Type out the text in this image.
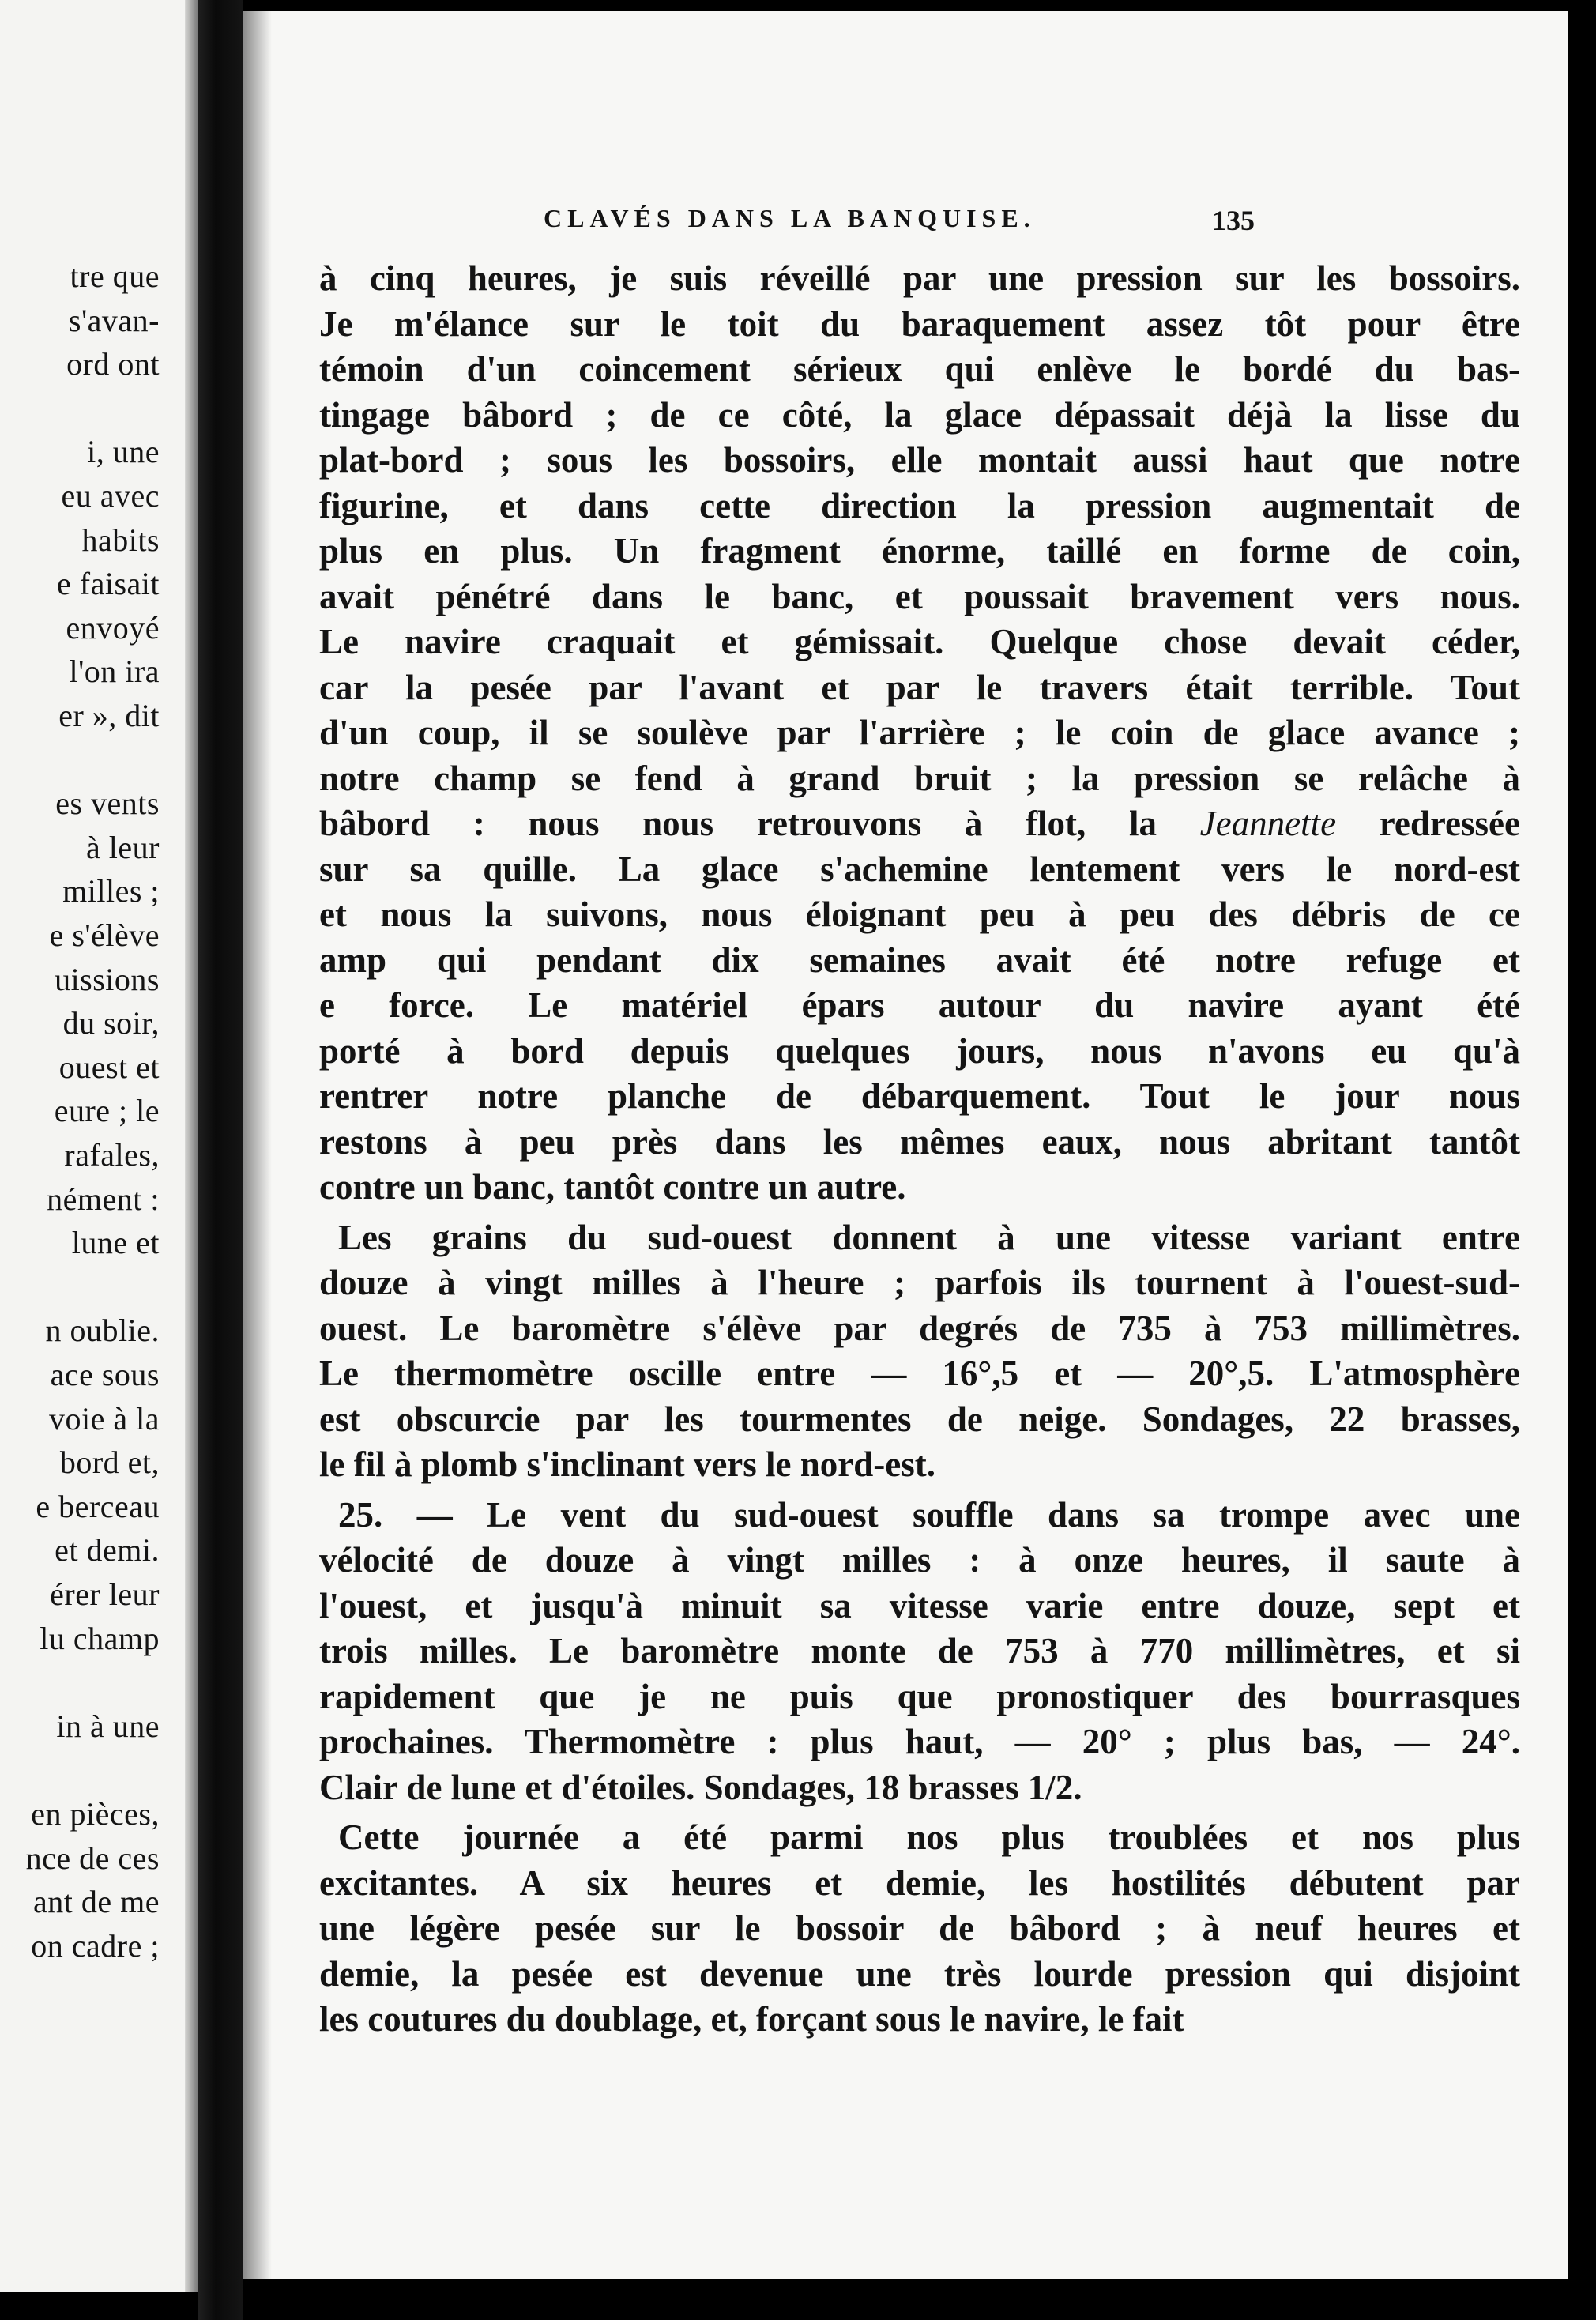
tre que
s'avan-
ord ont
i, une
eu avec
habits
e faisait
envoyé
l'on ira
er », dit
es vents
à leur
milles ;
e s'élève
uissions
du soir,
ouest et
eure ; le
rafales,
nément :
lune et
n oublie.
ace sous
voie à la
bord et,
e berceau
et demi.
érer leur
lu champ
in à une
en pièces,
nce de ces
ant de me
on cadre ;
CLAVÉS DANS LA BANQUISE.	135
à cinq heures, je suis réveillé par une pression sur les bossoirs.
Je m'élance sur le toit du baraquement assez tôt pour être
témoin d'un coincement sérieux qui enlève le bordé du bas-
tingage bâbord ; de ce côté, la glace dépassait déjà la lisse du
plat-bord ; sous les bossoirs, elle montait aussi haut que notre
figurine, et dans cette direction la pression augmentait de
plus en plus. Un fragment énorme, taillé en forme de coin,
avait pénétré dans le banc, et poussait bravement vers nous.
Le navire craquait et gémissait. Quelque chose devait céder,
car la pesée par l'avant et par le travers était terrible. Tout
d'un coup, il se soulève par l'arrière ; le coin de glace avance ;
notre champ se fend à grand bruit ; la pression se relâche à
bâbord : nous nous retrouvons à flot, la Jeannette redressée
sur sa quille. La glace s'achemine lentement vers le nord-est
et nous la suivons, nous éloignant peu à peu des débris de ce
amp qui pendant dix semaines avait été notre refuge et
e force. Le matériel épars autour du navire ayant été
porté à bord depuis quelques jours, nous n'avons eu qu'à
rentrer notre planche de débarquement. Tout le jour nous
restons à peu près dans les mêmes eaux, nous abritant tantôt
contre un banc, tantôt contre un autre.
Les grains du sud-ouest donnent à une vitesse variant entre
douze à vingt milles à l'heure ; parfois ils tournent à l'ouest-sud-
ouest. Le baromètre s'élève par degrés de 735 à 753 millimètres.
Le thermomètre oscille entre — 16°,5 et — 20°,5. L'atmosphère
est obscurcie par les tourmentes de neige. Sondages, 22 brasses,
le fil à plomb s'inclinant vers le nord-est.
25. — Le vent du sud-ouest souffle dans sa trompe avec une
vélocité de douze à vingt milles : à onze heures, il saute à
l'ouest, et jusqu'à minuit sa vitesse varie entre douze, sept et
trois milles. Le baromètre monte de 753 à 770 millimètres, et si
rapidement que je ne puis que pronostiquer des bourrasques
prochaines. Thermomètre : plus haut, — 20° ; plus bas, — 24°.
Clair de lune et d'étoiles. Sondages, 18 brasses 1/2.
Cette journée a été parmi nos plus troublées et nos plus
excitantes. A six heures et demie, les hostilités débutent par
une légère pesée sur le bossoir de bâbord ; à neuf heures et
demie, la pesée est devenue une très lourde pression qui disjoint
les coutures du doublage, et, forçant sous le navire, le fait
